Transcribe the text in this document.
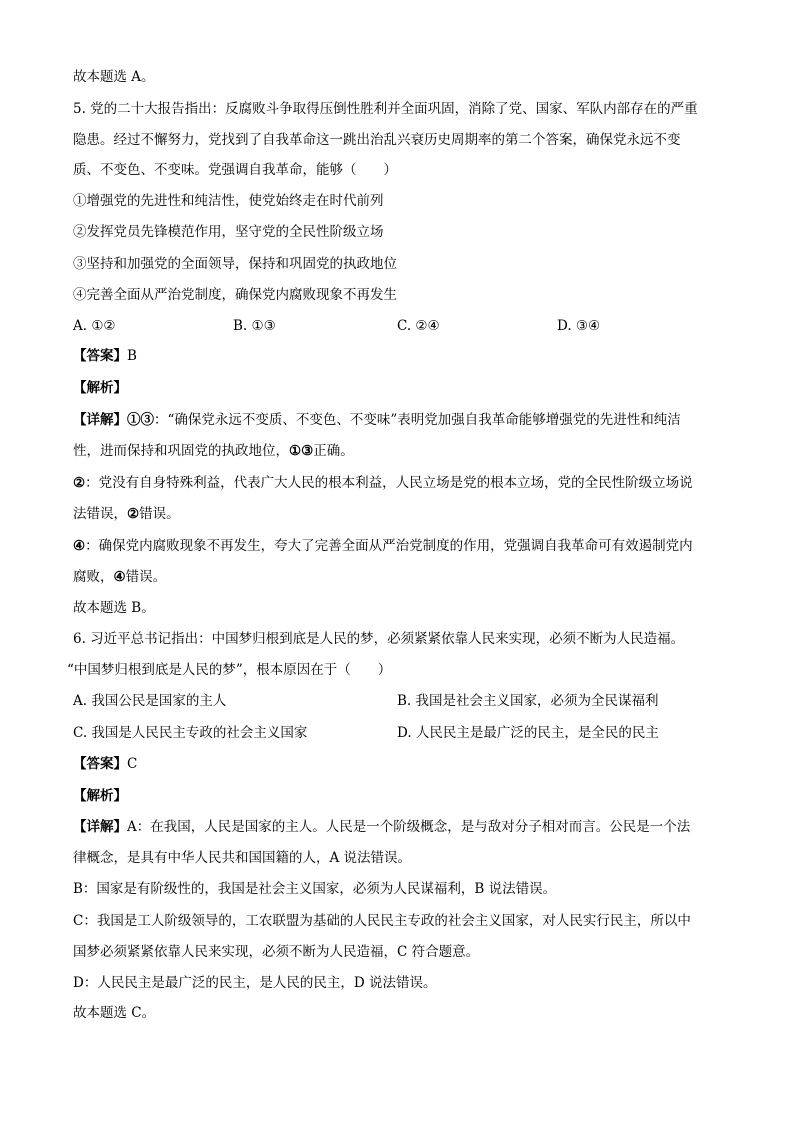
故本题选 A。
5. 党的二十大报告指出：反腐败斗争取得压倒性胜利并全面巩固，消除了党、国家、军队内部存在的严重
隐患。经过不懈努力，党找到了自我革命这一跳出治乱兴衰历史周期率的第二个答案，确保党永远不变
质、不变色、不变味。党强调自我革命，能够（　　）
①增强党的先进性和纯洁性，使党始终走在时代前列
②发挥党员先锋模范作用，坚守党的全民性阶级立场
③坚持和加强党的全面领导，保持和巩固党的执政地位
④完善全面从严治党制度，确保党内腐败现象不再发生
A. ①②	B. ①③	C. ②④	D. ③④
【答案】B
【解析】
【详解】①③：“确保党永远不变质、不变色、不变味”表明党加强自我革命能够增强党的先进性和纯洁
性，进而保持和巩固党的执政地位，①③正确。
②：党没有自身特殊利益，代表广大人民的根本利益，人民立场是党的根本立场，党的全民性阶级立场说
法错误，②错误。
④：确保党内腐败现象不再发生，夸大了完善全面从严治党制度的作用，党强调自我革命可有效遏制党内
腐败，④错误。
故本题选 B。
6. 习近平总书记指出：中国梦归根到底是人民的梦，必须紧紧依靠人民来实现，必须不断为人民造福。
“中国梦归根到底是人民的梦”，根本原因在于（　　）
A. 我国公民是国家的主人	B. 我国是社会主义国家，必须为全民谋福利
C. 我国是人民民主专政的社会主义国家	D. 人民民主是最广泛的民主，是全民的民主
【答案】C
【解析】
【详解】A：在我国，人民是国家的主人。人民是一个阶级概念，是与敌对分子相对而言。公民是一个法
律概念，是具有中华人民共和国国籍的人，A 说法错误。
B：国家是有阶级性的，我国是社会主义国家，必须为人民谋福利，B 说法错误。
C：我国是工人阶级领导的，工农联盟为基础的人民民主专政的社会主义国家，对人民实行民主，所以中
国梦必须紧紧依靠人民来实现，必须不断为人民造福，C 符合题意。
D：人民民主是最广泛的民主，是人民的民主，D 说法错误。
故本题选 C。
